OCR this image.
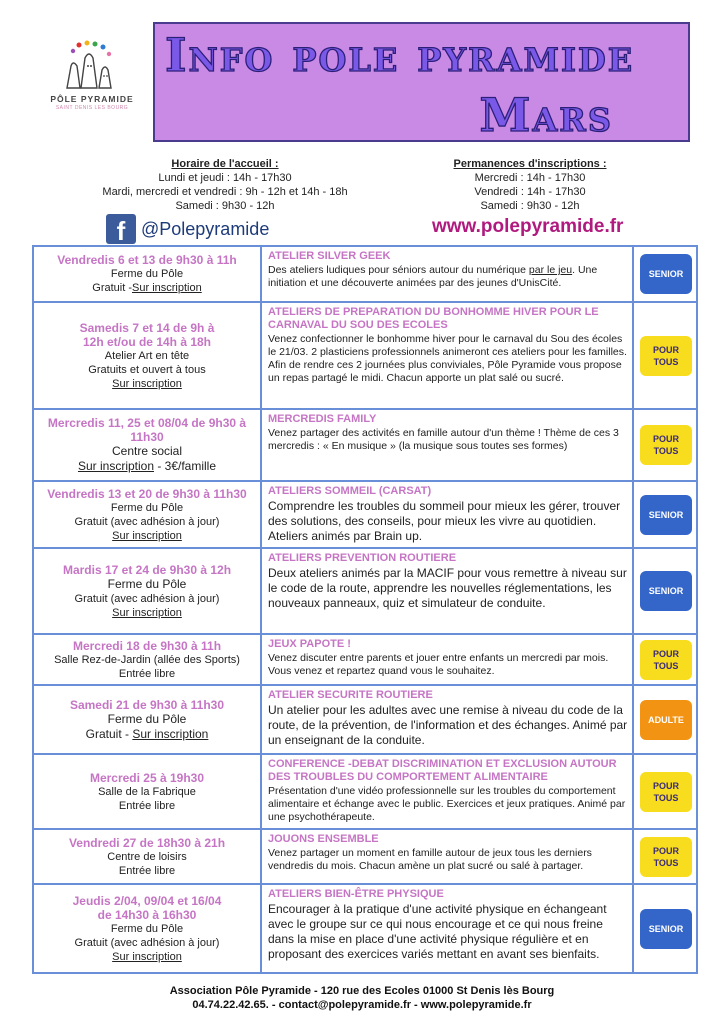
PÔLE PYRAMIDE
SAINT DENIS LES BOURG
Info pole pyramide
Mars
Horaire de l'accueil :
Lundi et jeudi : 14h - 17h30
Mardi, mercredi et vendredi : 9h - 12h et 14h - 18h
Samedi : 9h30 - 12h
Permanences d'inscriptions :
Mercredi : 14h - 17h30
Vendredi : 14h - 17h30
Samedi : 9h30 - 12h
f @Polepyramide	www.polepyramide.fr
Vendredis 6 et 13 de 9h30 à 11h
Ferme du Pôle
Gratuit -Sur inscription
ATELIER SILVER GEEK
Des ateliers ludiques pour séniors autour du numérique par le jeu. Une initiation et une découverte animées par des jeunes d'UnisCité.
SENIOR
Samedis 7 et 14 de 9h à 12h et/ou de 14h à 18h
Atelier Art en tête
Gratuits et ouvert à tous
Sur inscription
ATELIERS DE PREPARATION DU BONHOMME HIVER POUR LE CARNAVAL DU SOU DES ECOLES
Venez confectionner le bonhomme hiver pour le carnaval du Sou des écoles le 21/03. 2 plasticiens professionnels animeront ces ateliers pour les familles. Afin de rendre ces 2 journées plus conviviales, Pôle Pyramide vous propose un repas partagé le midi. Chacun apporte un plat salé ou sucré.
POUR TOUS
Mercredis 11, 25 et 08/04 de 9h30 à 11h30
Centre social
Sur inscription - 3€/famille
MERCREDIS FAMILY
Venez partager des activités en famille autour d'un thème ! Thème de ces 3 mercredis : « En musique » (la musique sous toutes ses formes)
POUR TOUS
Vendredis 13 et 20 de 9h30 à 11h30
Ferme du Pôle
Gratuit (avec adhésion à jour)
Sur inscription
ATELIERS SOMMEIL (CARSAT)
Comprendre les troubles du sommeil pour mieux les gérer, trouver des solutions, des conseils, pour mieux les vivre au quotidien. Ateliers animés par Brain up.
SENIOR
Mardis 17 et 24 de 9h30 à 12h
Ferme du Pôle
Gratuit (avec adhésion à jour)
Sur inscription
ATELIERS PREVENTION ROUTIERE
Deux ateliers animés par la MACIF pour vous remettre à niveau sur le code de la route, apprendre les nouvelles réglementations, les nouveaux panneaux, quiz et simulateur de conduite.
SENIOR
Mercredi 18 de 9h30 à 11h
Salle Rez-de-Jardin (allée des Sports)
Entrée libre
JEUX PAPOTE !
Venez discuter entre parents et jouer entre enfants un mercredi par mois. Vous venez et repartez quand vous le souhaitez.
POUR TOUS
Samedi 21 de 9h30 à 11h30
Ferme du Pôle
Gratuit - Sur inscription
ATELIER SECURITE ROUTIERE
Un atelier pour les adultes avec une remise à niveau du code de la route, de la prévention, de l'information et des échanges. Animé par un enseignant de la conduite.
ADULTE
Mercredi 25 à 19h30
Salle de la Fabrique
Entrée libre
CONFERENCE -DEBAT DISCRIMINATION ET EXCLUSION AUTOUR DES TROUBLES DU COMPORTEMENT ALIMENTAIRE
Présentation d'une vidéo professionnelle sur les troubles du comportement alimentaire et échange avec le public. Exercices et jeux pratiques. Animé par une psychothérapeute.
POUR TOUS
Vendredi 27 de 18h30 à 21h
Centre de loisirs
Entrée libre
JOUONS ENSEMBLE
Venez partager un moment en famille autour de jeux tous les derniers vendredis du mois. Chacun amène un plat sucré ou salé à partager.
POUR TOUS
Jeudis 2/04, 09/04 et 16/04 de 14h30 à 16h30
Ferme du Pôle
Gratuit (avec adhésion à jour)
Sur inscription
ATELIERS BIEN-ÊTRE PHYSIQUE
Encourager à la pratique d'une activité physique en échangeant avec le groupe sur ce qui nous encourage et ce qui nous freine dans la mise en place d'une activité physique régulière et en proposant des exercices variés mettant en avant ses bienfaits.
SENIOR
Association Pôle Pyramide - 120 rue des Ecoles 01000 St Denis lès Bourg
04.74.22.42.65. - contact@polepyramide.fr - www.polepyramide.fr
